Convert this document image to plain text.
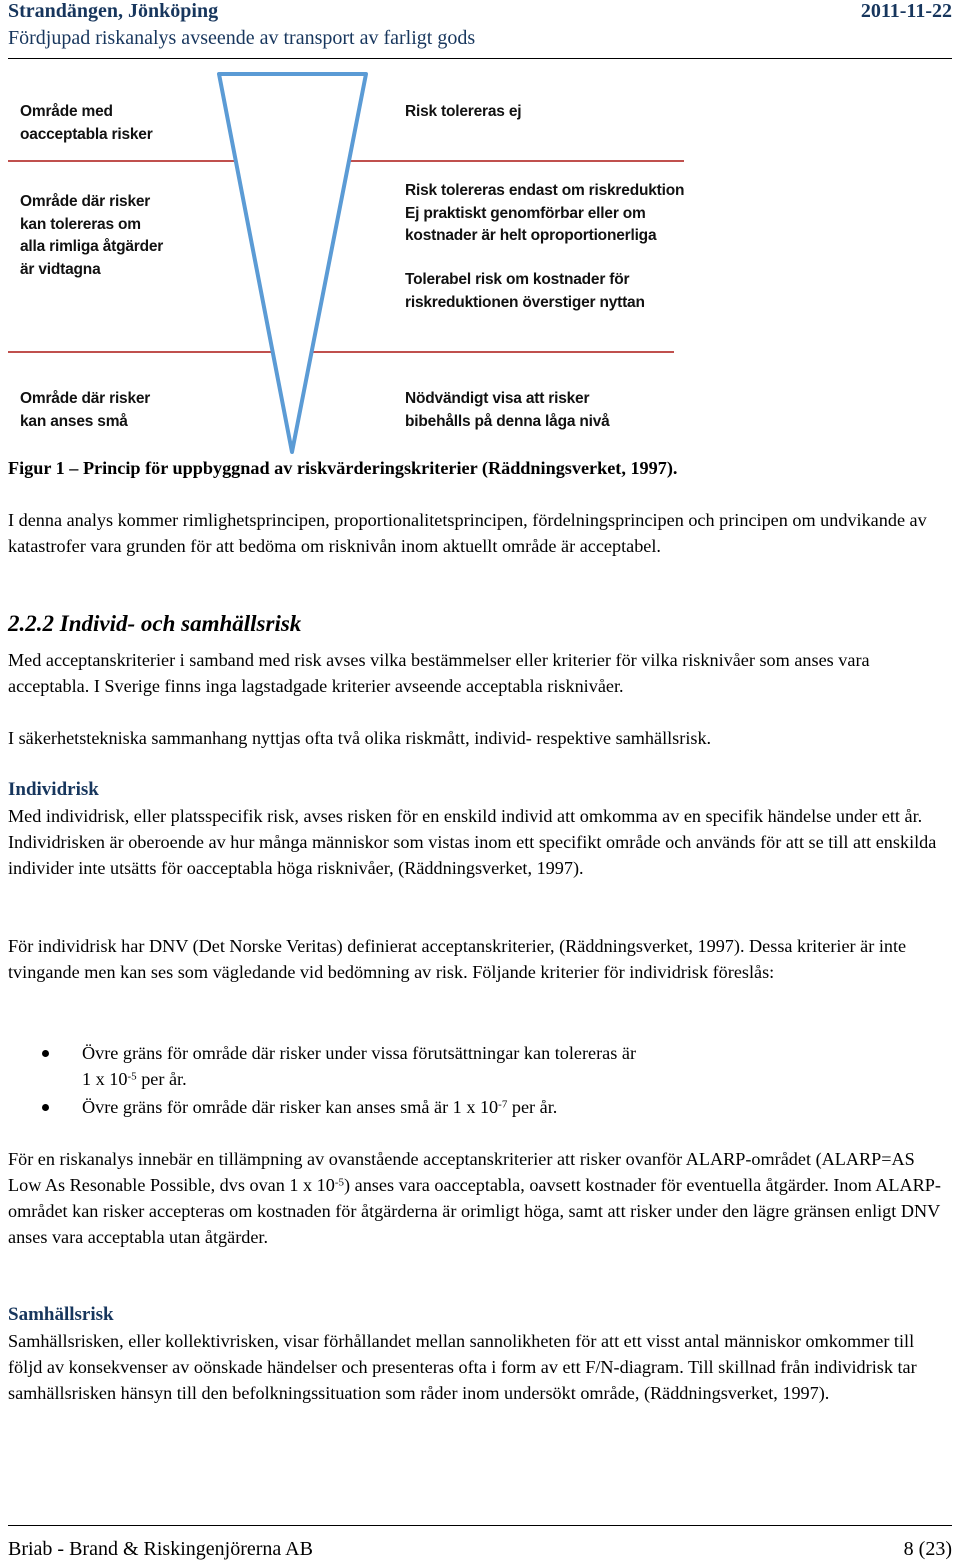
Strandängen, Jönköping	2011-11-22
Fördjupad riskanalys avseende av transport av farligt gods
Område med
oacceptabla risker
Område där risker
kan tolereras om
alla rimliga åtgärder
är vidtagna
Område där risker
kan anses små
Risk tolereras ej
Risk tolereras endast om riskreduktion
Ej praktiskt genomförbar eller om
kostnader är helt oproportionerliga
Tolerabel risk om kostnader för
riskreduktionen överstiger nyttan
Nödvändigt visa att risker
bibehålls på denna låga nivå

Figur 1 – Princip för uppbyggnad av riskvärderingskriterier (Räddningsverket, 1997).

I denna analys kommer rimlighetsprincipen, proportionalitetsprincipen, fördelningsprincipen och principen om undvikande av katastrofer vara grunden för att bedöma om risknivån inom aktuellt område är acceptabel.

2.2.2 Individ- och samhällsrisk

Med acceptanskriterier i samband med risk avses vilka bestämmelser eller kriterier för vilka risknivåer som anses vara acceptabla. I Sverige finns inga lagstadgade kriterier avseende acceptabla risknivåer.

I säkerhetstekniska sammanhang nyttjas ofta två olika riskmått, individ- respektive samhällsrisk.

Individrisk

Med individrisk, eller platsspecifik risk, avses risken för en enskild individ att omkomma av en specifik händelse under ett år. Individrisken är oberoende av hur många människor som vistas inom ett specifikt område och används för att se till att enskilda individer inte utsätts för oacceptabla höga risknivåer, (Räddningsverket, 1997).

För individrisk har DNV (Det Norske Veritas) definierat acceptanskriterier, (Räddningsverket, 1997). Dessa kriterier är inte tvingande men kan ses som vägledande vid bedömning av risk. Följande kriterier för individrisk föreslås:

Övre gräns för område där risker under vissa förutsättningar kan tolereras är
1 x $10^{-5}$ per år.
Övre gräns för område där risker kan anses små är 1 x $10^{-7}$ per år.

För en riskanalys innebär en tillämpning av ovanstående acceptanskriterier att risker ovanför ALARP-området (ALARP=AS Low As Resonable Possible, dvs ovan 1 x $10^{-5}$) anses vara oacceptabla, oavsett kostnader för eventuella åtgärder. Inom ALARP-området kan risker accepteras om kostnaden för åtgärderna är orimligt höga, samt att risker under den lägre gränsen enligt DNV anses vara acceptabla utan åtgärder.

Samhällsrisk

Samhällsrisken, eller kollektivrisken, visar förhållandet mellan sannolikheten för att ett visst antal människor omkommer till följd av konsekvenser av oönskade händelser och presenteras ofta i form av ett F/N-diagram. Till skillnad från individrisk tar samhällsrisken hänsyn till den befolkningssituation som råder inom undersökt område, (Räddningsverket, 1997).

Briab - Brand & Riskingenjörerna AB	8 (23)
